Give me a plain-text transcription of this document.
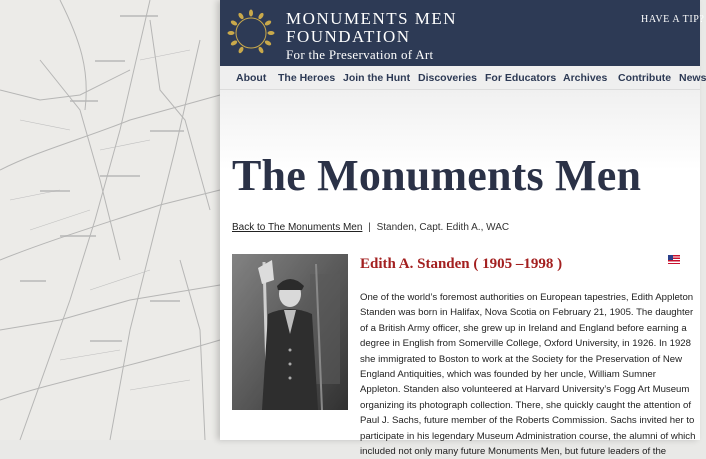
MONUMENTS MEN
FOUNDATION
For the Preservation of Art
HAVE A TIP?
About The Heroes Join the Hunt Discoveries For Educators Archives Contribute News
The Monuments Men
Back to The Monuments Men | Standen, Capt. Edith A., WAC
Edith A. Standen ( 1905 –1998 )

One of the world’s foremost authorities on European tapestries, Edith Appleton Standen was born in Halifax, Nova Scotia on February 21, 1905. The daughter of a British Army officer, she grew up in Ireland and England before earning a degree in English from Somerville College, Oxford University, in 1926. In 1928 she immigrated to Boston to work at the Society for the Preservation of New England Antiquities, which was founded by her uncle, William Sumner Appleton. Standen also volunteered at Harvard University’s Fogg Art Museum organizing its photograph collection. There, she quickly caught the attention of Paul J. Sachs, future member of the Roberts Commission. Sachs invited her to participate in his legendary Museum Administration course, the alumni of which included not only many future Monuments Men, but future leaders of the
